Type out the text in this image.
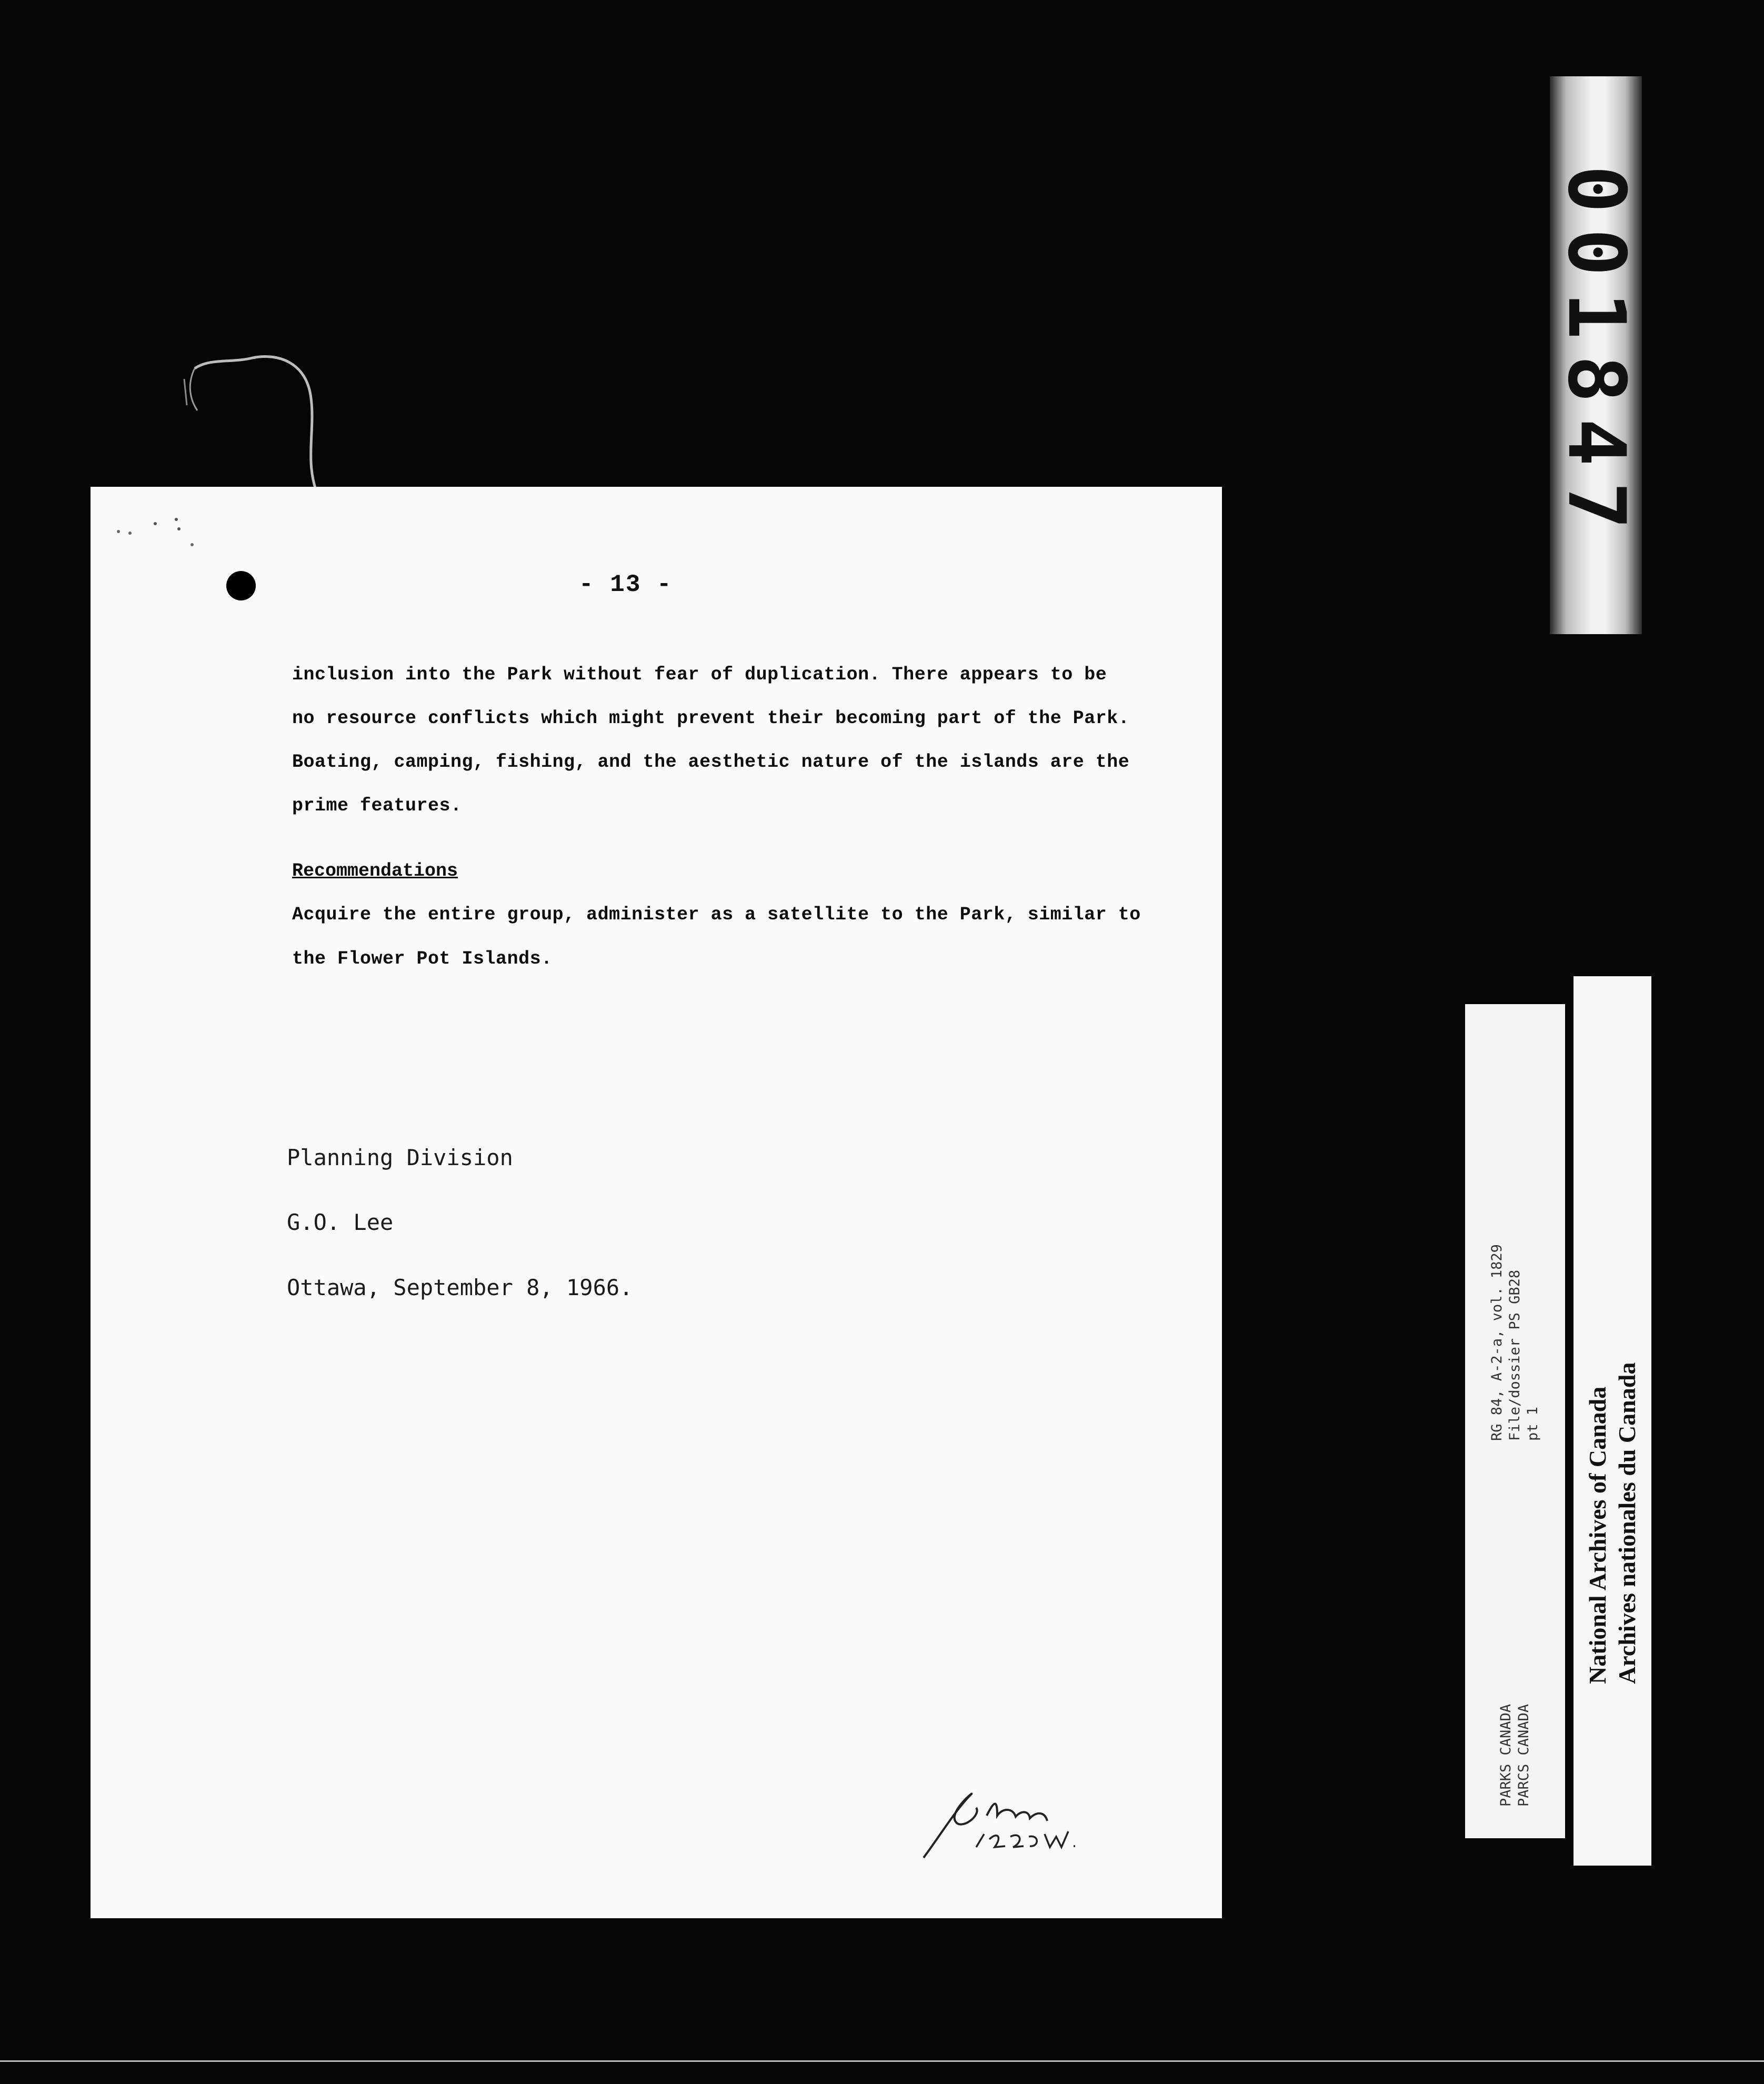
- 13 -
inclusion into the Park without fear of duplication. There appears to be
no resource conflicts which might prevent their becoming part of the Park.
Boating, camping, fishing, and the aesthetic nature of the islands are the
prime features.
Recommendations
Acquire the entire group, administer as a satellite to the Park, similar to
the Flower Pot Islands.
Planning Division
G.O. Lee
Ottawa, September 8, 1966.
001847
RG 84, A-2-a, vol. 1829 File/dossier PS GB28 pt 1
PARKS CANADA PARCS CANADA
National Archives of Canada Archives nationales du Canada
